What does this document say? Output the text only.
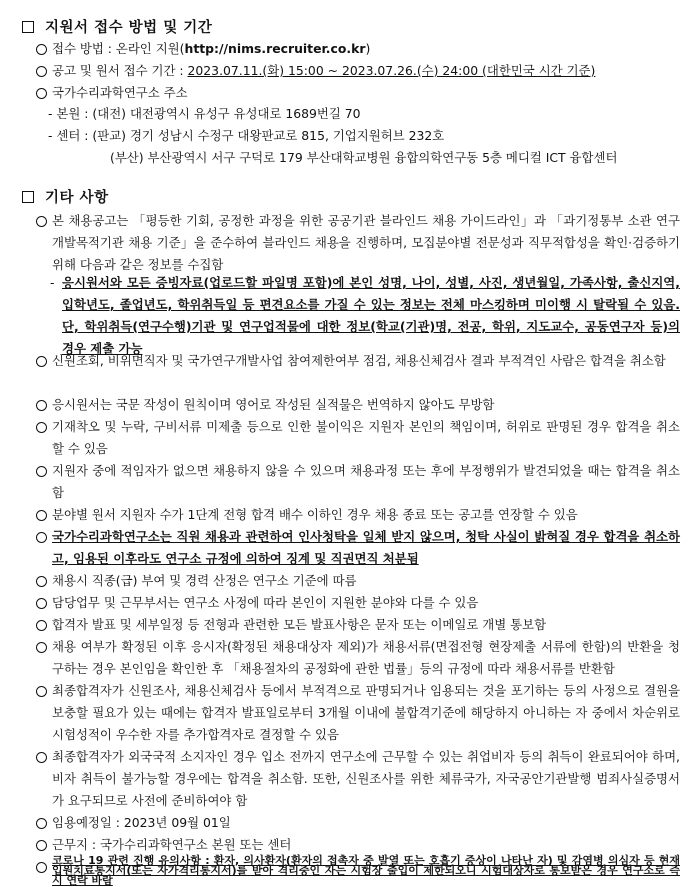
지원서 접수 방법 및 기간
접수 방법 : 온라인 지원(http://nims.recruiter.co.kr)
공고 및 원서 접수 기간 : 2023.07.11.(화) 15:00 ~ 2023.07.26.(수) 24:00 (대한민국 시간 기준)
국가수리과학연구소 주소
- 본원 : (대전) 대전광역시 유성구 유성대로 1689번길 70
- 센터 : (판교) 경기 성남시 수정구 대왕판교로 815, 기업지원허브 232호
(부산) 부산광역시 서구 구덕로 179 부산대학교병원 융합의학연구동 5층 메디컬 ICT 융합센터
기타 사항
본 채용공고는 「평등한 기회, 공정한 과정을 위한 공공기관 블라인드 채용 가이드라인」과 「과기정통부 소관 연구개발목적기관 채용 기준」을 준수하여 블라인드 채용을 진행하며, 모집분야별 전문성과 직무적합성을 확인·검증하기 위해 다음과 같은 정보를 수집함
- 응시원서와 모든 증빙자료(업로드할 파일명 포함)에 본인 성명, 나이, 성별, 사진, 생년월일, 가족사항, 출신지역, 입학년도, 졸업년도, 학위취득일 등 편견요소를 가질 수 있는 정보는 전체 마스킹하며 미이행 시 탈락될 수 있음. 단, 학위취득(연구수행)기관 및 연구업적물에 대한 정보(학교(기관)명, 전공, 학위, 지도교수, 공동연구자 등)의 경우 제출 가능
신원조회, 비위면직자 및 국가연구개발사업 참여제한여부 점검, 채용신체검사 결과 부적격인 사람은 합격을 취소함
응시원서는 국문 작성이 원칙이며 영어로 작성된 실적물은 번역하지 않아도 무방함
기재착오 및 누락, 구비서류 미제출 등으로 인한 불이익은 지원자 본인의 책임이며, 허위로 판명된 경우 합격을 취소할 수 있음
지원자 중에 적임자가 없으면 채용하지 않을 수 있으며 채용과정 또는 후에 부정행위가 발견되었을 때는 합격을 취소함
분야별 원서 지원자 수가 1단계 전형 합격 배수 이하인 경우 채용 종료 또는 공고를 연장할 수 있음
국가수리과학연구소는 직원 채용과 관련하여 인사청탁을 일체 받지 않으며, 청탁 사실이 밝혀질 경우 합격을 취소하고, 임용된 이후라도 연구소 규정에 의하여 징계 및 직권면직 처분됨
채용시 직종(급) 부여 및 경력 산정은 연구소 기준에 따름
담당업무 및 근무부서는 연구소 사정에 따라 본인이 지원한 분야와 다를 수 있음
합격자 발표 및 세부일정 등 전형과 관련한 모든 발표사항은 문자 또는 이메일로 개별 통보함
채용 여부가 확정된 이후 응시자(확정된 채용대상자 제외)가 채용서류(면접전형 현장제출 서류에 한함)의 반환을 청구하는 경우 본인임을 확인한 후 「채용절차의 공정화에 관한 법률」등의 규정에 따라 채용서류를 반환함
최종합격자가 신원조사, 채용신체검사 등에서 부적격으로 판명되거나 임용되는 것을 포기하는 등의 사정으로 결원을 보충할 필요가 있는 때에는 합격자 발표일로부터 3개월 이내에 불합격기준에 해당하지 아니하는 자 중에서 차순위로 시험성적이 우수한 자를 추가합격자로 결정할 수 있음
최종합격자가 외국국적 소지자인 경우 입소 전까지 연구소에 근무할 수 있는 취업비자 등의 취득이 완료되어야 하며, 비자 취득이 불가능할 경우에는 합격을 취소함. 또한, 신원조사를 위한 체류국가, 자국공안기관발행 범죄사실증명서가 요구되므로 사전에 준비하여야 함
임용예정일 : 2023년 09월 01일
근무지 : 국가수리과학연구소 본원 또는 센터
코로나 19 관련 진행 유의사항 : 환자, 의사환자(환자의 접촉자 중 발열 또는 호흡기 증상이 나타난 자) 및 감염병 의심자 등 현재 입원치료통지서(또는 자가격리통지서)를 받아 격리중인 자는 시험장 출입이 제한되오니 시험대상자로 통보받은 경우 연구소로 즉시 연락 바람
